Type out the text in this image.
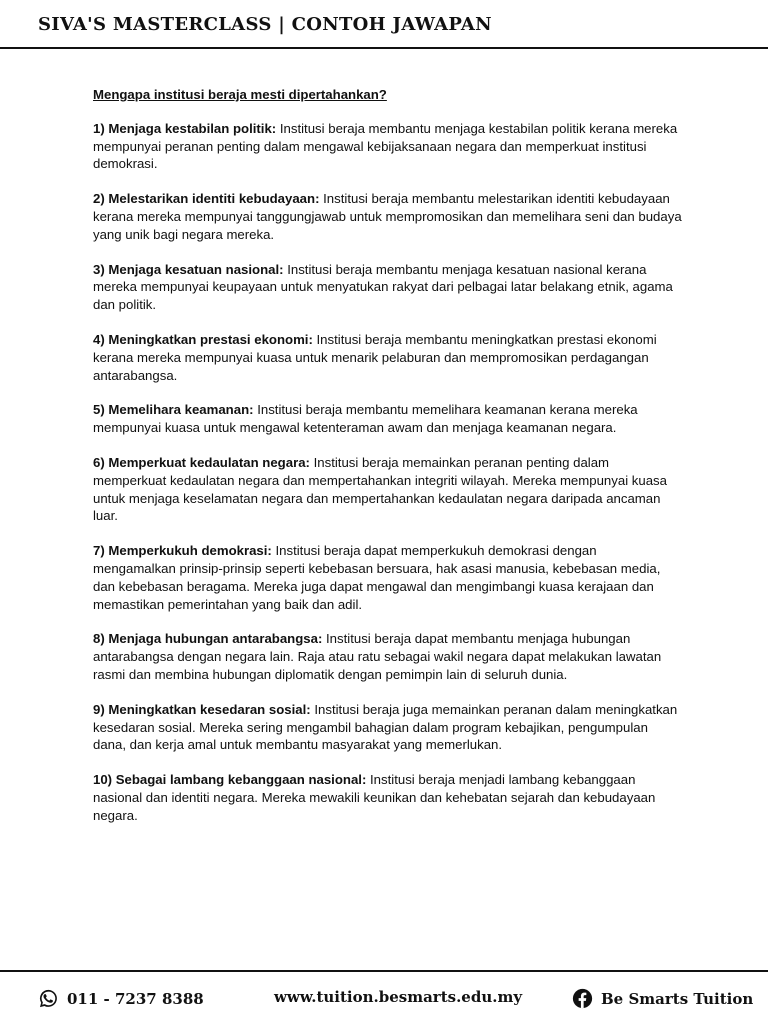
SIVA'S MASTERCLASS | CONTOH JAWAPAN
Mengapa institusi beraja mesti dipertahankan?
1) Menjaga kestabilan politik: Institusi beraja membantu menjaga kestabilan politik kerana mereka mempunyai peranan penting dalam mengawal kebijaksanaan negara dan memperkuat institusi demokrasi.
2) Melestarikan identiti kebudayaan: Institusi beraja membantu melestarikan identiti kebudayaan kerana mereka mempunyai tanggungjawab untuk mempromosikan dan memelihara seni dan budaya yang unik bagi negara mereka.
3) Menjaga kesatuan nasional: Institusi beraja membantu menjaga kesatuan nasional kerana mereka mempunyai keupayaan untuk menyatukan rakyat dari pelbagai latar belakang etnik, agama dan politik.
4) Meningkatkan prestasi ekonomi: Institusi beraja membantu meningkatkan prestasi ekonomi kerana mereka mempunyai kuasa untuk menarik pelaburan dan mempromosikan perdagangan antarabangsa.
5) Memelihara keamanan: Institusi beraja membantu memelihara keamanan kerana mereka mempunyai kuasa untuk mengawal ketenteraman awam dan menjaga keamanan negara.
6) Memperkuat kedaulatan negara: Institusi beraja memainkan peranan penting dalam memperkuat kedaulatan negara dan mempertahankan integriti wilayah. Mereka mempunyai kuasa untuk menjaga keselamatan negara dan mempertahankan kedaulatan negara daripada ancaman luar.
7) Memperkukuh demokrasi: Institusi beraja dapat memperkukuh demokrasi dengan mengamalkan prinsip-prinsip seperti kebebasan bersuara, hak asasi manusia, kebebasan media, dan kebebasan beragama. Mereka juga dapat mengawal dan mengimbangi kuasa kerajaan dan memastikan pemerintahan yang baik dan adil.
8) Menjaga hubungan antarabangsa: Institusi beraja dapat membantu menjaga hubungan antarabangsa dengan negara lain. Raja atau ratu sebagai wakil negara dapat melakukan lawatan rasmi dan membina hubungan diplomatik dengan pemimpin lain di seluruh dunia.
9) Meningkatkan kesedaran sosial: Institusi beraja juga memainkan peranan dalam meningkatkan kesedaran sosial. Mereka sering mengambil bahagian dalam program kebajikan, pengumpulan dana, dan kerja amal untuk membantu masyarakat yang memerlukan.
10) Sebagai lambang kebanggaan nasional: Institusi beraja menjadi lambang kebanggaan nasional dan identiti negara. Mereka mewakili keunikan dan kehebatan sejarah dan kebudayaan negara.
011 - 7237 8388	www.tuition.besmarts.edu.my	Be Smarts Tuition
